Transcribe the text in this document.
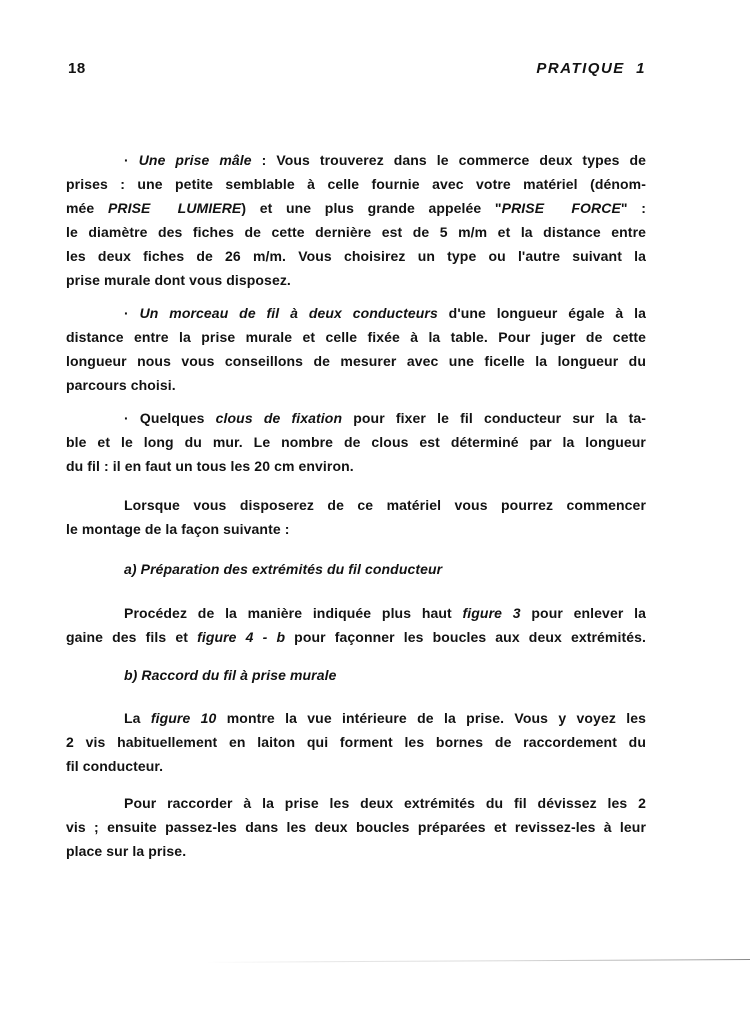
18	PRATIQUE  1
· Une prise mâle : Vous trouverez dans le commerce deux types de
prises : une petite semblable à celle fournie avec votre matériel (dénom-
mée PRISE  LUMIERE) et une plus grande appelée "PRISE  FORCE" :
le diamètre des fiches de cette dernière est de 5 m/m et la distance entre
les deux fiches de 26 m/m. Vous choisirez un type ou l'autre suivant la
prise murale dont vous disposez.
· Un morceau de fil à deux conducteurs d'une longueur égale à la
distance entre la prise murale et celle fixée à la table. Pour juger de cette
longueur nous vous conseillons de mesurer avec une ficelle la longueur du
parcours choisi.
· Quelques clous de fixation pour fixer le fil conducteur sur la ta-
ble et le long du mur. Le nombre de clous est déterminé par la longueur
du fil : il en faut un tous les 20 cm environ.
Lorsque vous disposerez de ce matériel vous pourrez commencer
le montage de la façon suivante :
a) Préparation des extrémités du fil conducteur
Procédez de la manière indiquée plus haut figure 3 pour enlever la
gaine des fils et figure 4 - b pour façonner les boucles aux deux extrémités.
b) Raccord du fil à prise murale
La figure 10 montre la vue intérieure de la prise. Vous y voyez les
2 vis habituellement en laiton qui forment les bornes de raccordement du
fil conducteur.
Pour raccorder à la prise les deux extrémités du fil dévissez les 2
vis ; ensuite passez-les dans les deux boucles préparées et revissez-les à leur
place sur la prise.
